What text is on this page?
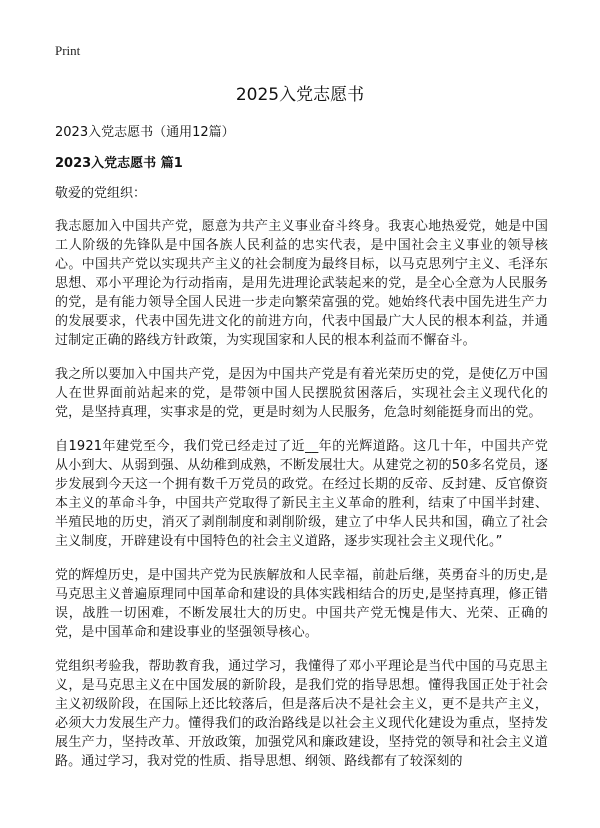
Print
2025入党志愿书

2023入党志愿书（通用12篇）

2023入党志愿书 篇1

敬爱的党组织：

我志愿加入中国共产党，愿意为共产主义事业奋斗终身。我衷心地热爱党，她是中国工人阶级的先锋队是中国各族人民利益的忠实代表，是中国社会主义事业的领导核心。中国共产党以实现共产主义的社会制度为最终目标，以马克思列宁主义、毛泽东思想、邓小平理论为行动指南，是用先进理论武装起来的党，是全心全意为人民服务的党，是有能力领导全国人民进一步走向繁荣富强的党。她始终代表中国先进生产力的发展要求，代表中国先进文化的前进方向，代表中国最广大人民的根本利益，并通过制定正确的路线方针政策，为实现国家和人民的根本利益而不懈奋斗。

我之所以要加入中国共产党，是因为中国共产党是有着光荣历史的党，是使亿万中国人在世界面前站起来的党，是带领中国人民摆脱贫困落后，实现社会主义现代化的党，是坚持真理，实事求是的党，更是时刻为人民服务，危急时刻能挺身而出的党。

自1921年建党至今，我们党已经走过了近__年的光辉道路。这几十年，中国共产党从小到大、从弱到强、从幼稚到成熟，不断发展壮大。从建党之初的50多名党员，逐步发展到今天这一个拥有数千万党员的政党。在经过长期的反帝、反封建、反官僚资本主义的革命斗争，中国共产党取得了新民主主义革命的胜利，结束了中国半封建、半殖民地的历史，消灭了剥削制度和剥削阶级，建立了中华人民共和国，确立了社会主义制度，开辟建设有中国特色的社会主义道路，逐步实现社会主义现代化。”

党的辉煌历史，是中国共产党为民族解放和人民幸福，前赴后继，英勇奋斗的历史,是马克思主义普遍原理同中国革命和建设的具体实践相结合的历史,是坚持真理，修正错误，战胜一切困难，不断发展壮大的历史。中国共产党无愧是伟大、光荣、正确的党，是中国革命和建设事业的坚强领导核心。

党组织考验我，帮助教育我，通过学习，我懂得了邓小平理论是当代中国的马克思主义，是马克思主义在中国发展的新阶段，是我们党的指导思想。懂得我国正处于社会主义初级阶段，在国际上还比较落后，但是落后决不是社会主义，更不是共产主义，必须大力发展生产力。懂得我们的政治路线是以社会主义现代化建设为重点，坚持发展生产力，坚持改革、开放政策，加强党风和廉政建设，坚持党的领导和社会主义道路。通过学习，我对党的性质、指导思想、纲领、路线都有了较深刻的
